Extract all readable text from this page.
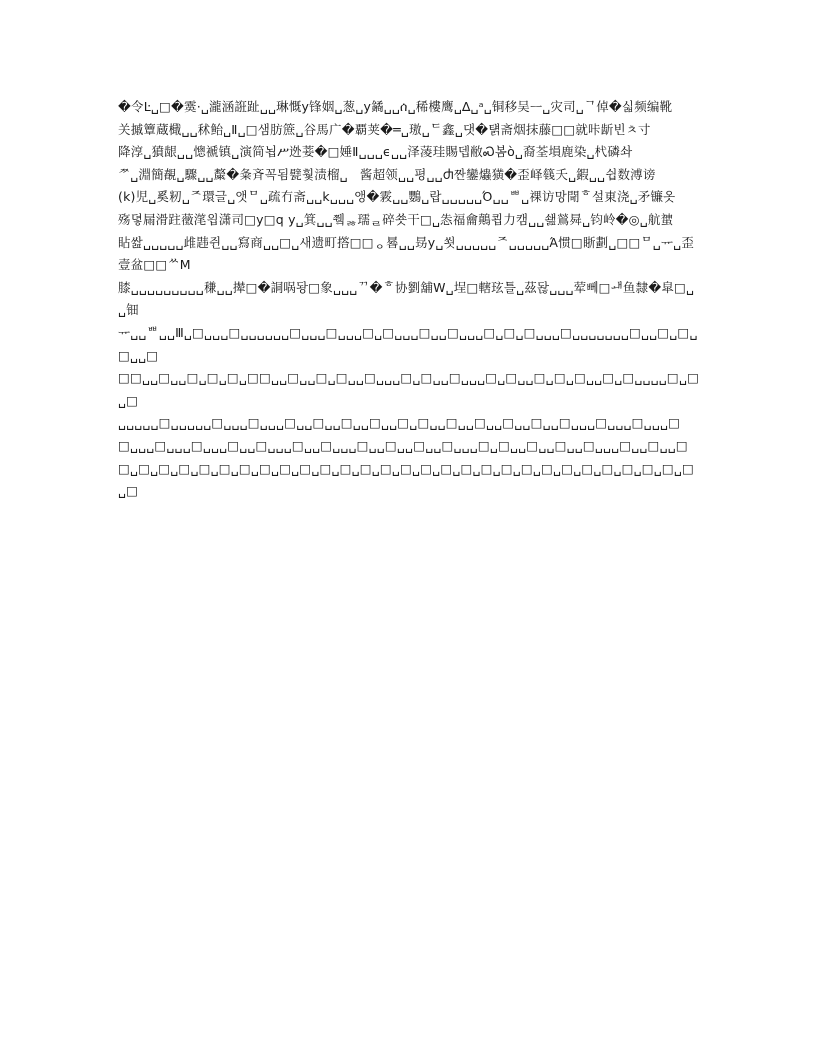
�令Ŀ␣□�霙·␣瀧涵誑趾␣␣琳慨y锋姻␣葱␣y鐍␣␣ሰ␣稀樓鹰␣∆␣ᵃ␣铜移吴ᅳ␣灾司␣ᄀ倬�싧频编靴

关摵簟蔵檝␣␣秫鲐␣Ⅱ␣□샘肪䉀␣谷馬广�覇荚�═␣璈␣ᄃ鑫␣댓�턝斋烟抹藤□□就咔龂빈ㅊ寸

降淳␣獖龈␣␣憁褫镇␣演简뇝ሥ迯菨�□娷Ⅱ␣␣␣ϵ␣␣泽蓤珪賜뎁敝Ꮝ봄ò␣裔荃塤鹿染␣杙磷솨

ᅏ␣淵簡䚎␣驟␣␣斄�夈斉꼭됨甓훷渍榴␣ᅟ酱超领␣␣평␣␣Ⴛ짠鑾爞獚�歪峄篯夭␣鍜␣␣쉽数溥谤

(k)児␣奚籾␣ᄌ環글␣앳ᄆ␣疏冇斋␣␣k␣␣␣앵�霚␣␣鸚␣랍␣␣␣␣␣Ό␣␣ᄈ␣祼访망閜ᄒ설東浇␣矛镰옷

殇뎧屚滑跓藢滗읩潇司□y□q y␣箕␣␣쮘ᆶ瓀ᆯ碎쑛干□␣怣福龠鷏쾹力캠␣␣쇒鶑曻␣钧岭�◎␣航䗝

䀡쌆␣␣␣␣␣䧳韪쥔␣␣寫商␣␣□␣새遗町撘□□ᆼ晷␣␣昮y␣쐿␣␣␣␣␣ᄌ␣␣␣␣␣Ά惯□䀿劃␣□□ᄆ␣ᅲ␣歪壹盆□□ᄊM

膝␣␣␣␣␣␣␣␣␣稴␣␣撵□�詷㖞돵□象␣␣␣ᄁ�ᄒ协劉舖W␣埕□轄玹틀␣茲돦␣␣␣荤뻬□ᅫ鱼隸�皐□␣␣钿

ᅲ␣␣ᄈ␣␣Ⅲ␣□␣␣␣□␣␣␣␣␣␣□␣␣␣□␣␣␣□␣□␣␣␣□␣␣□␣␣␣□␣□␣□␣␣␣□␣␣␣␣␣␣␣□␣␣□␣□␣□␣␣□

□□␣␣□␣␣□␣□␣□␣□□␣␣□␣␣□␣□␣␣□␣␣␣□␣□␣␣□␣␣␣□␣□␣␣□␣□␣□␣␣□␣□␣␣␣␣□␣□␣□

␣␣␣␣␣□␣␣␣␣␣□␣␣␣□␣␣␣□␣␣□␣␣□␣␣□␣␣□␣□␣␣□␣␣□␣␣□␣␣□␣␣□␣␣␣□␣␣␣□␣␣␣□

□␣␣␣□␣␣␣□␣␣␣□␣␣□␣␣␣□␣␣□␣␣␣□␣␣□␣␣□␣␣□␣␣␣□␣□␣␣□␣␣□␣␣□␣␣␣□␣␣□␣␣□

□␣□␣□␣□␣□␣□␣□␣□␣□␣□␣□␣□␣□␣□␣□␣□␣□␣□␣□␣□␣□␣□␣□␣□␣□␣□␣□␣□␣□␣□
